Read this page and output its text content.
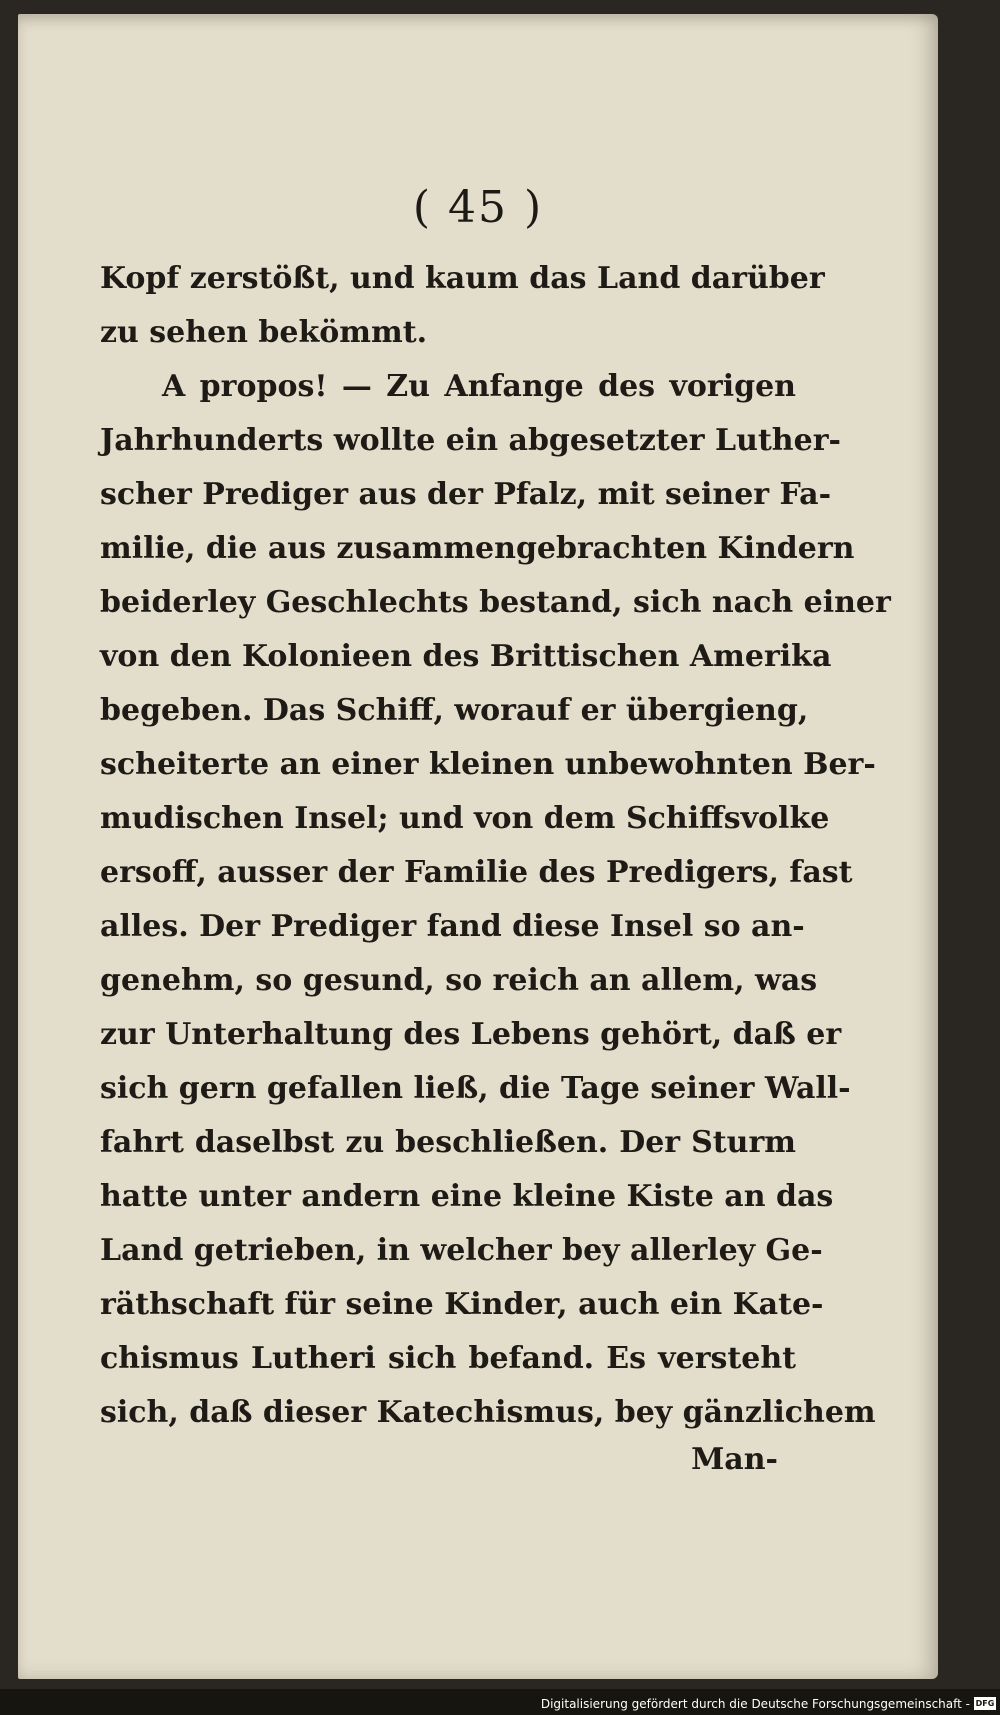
( 45 )
Kopf zerstößt, und kaum das Land darüber
zu sehen bekömmt.
A propos! — Zu Anfange des vorigen
Jahrhunderts wollte ein abgesetzter Luther-
scher Prediger aus der Pfalz, mit seiner Fa-
milie, die aus zusammengebrachten Kindern
beiderley Geschlechts bestand, sich nach einer
von den Kolonieen des Brittischen Amerika
begeben. Das Schiff, worauf er übergieng,
scheiterte an einer kleinen unbewohnten Ber-
mudischen Insel; und von dem Schiffsvolke
ersoff, ausser der Familie des Predigers, fast
alles. Der Prediger fand diese Insel so an-
genehm, so gesund, so reich an allem, was
zur Unterhaltung des Lebens gehört, daß er
sich gern gefallen ließ, die Tage seiner Wall-
fahrt daselbst zu beschließen. Der Sturm
hatte unter andern eine kleine Kiste an das
Land getrieben, in welcher bey allerley Ge-
räthschaft für seine Kinder, auch ein Kate-
chismus Lutheri sich befand. Es versteht
sich, daß dieser Katechismus, bey gänzlichem
Man-
Digitalisierung gefördert durch die Deutsche Forschungsgemeinschaft - DFG
